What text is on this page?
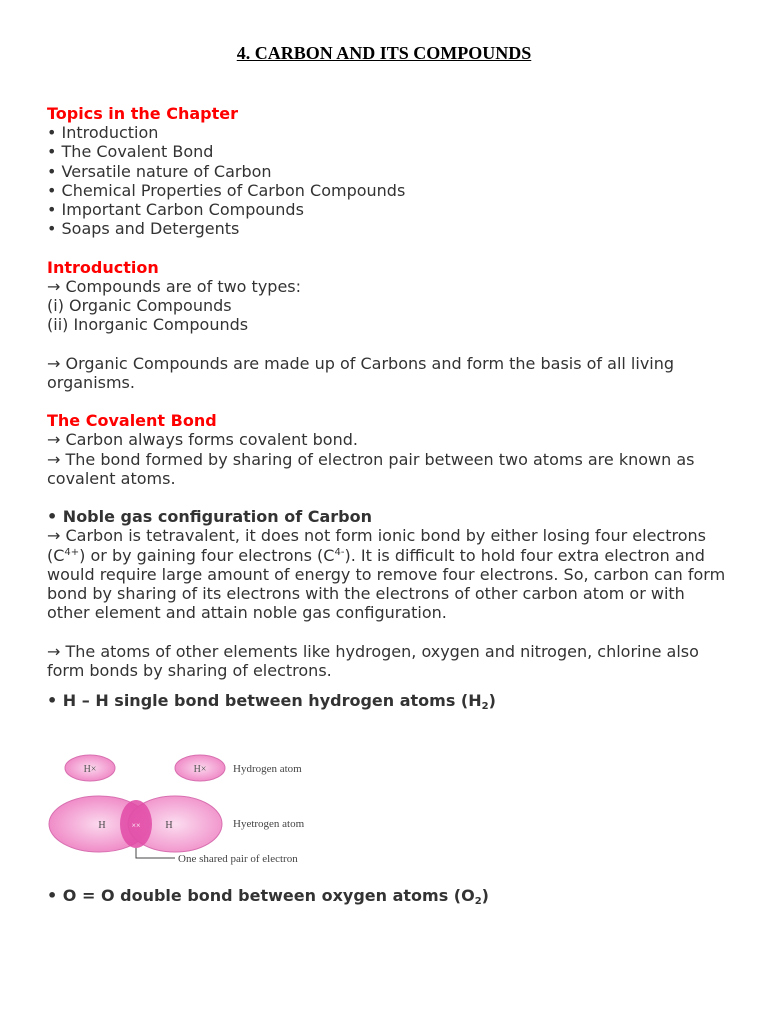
4. CARBON AND ITS COMPOUNDS
Topics in the Chapter
• Introduction
• The Covalent Bond
• Versatile nature of Carbon
• Chemical Properties of Carbon Compounds
• Important Carbon Compounds
• Soaps and Detergents
Introduction
→ Compounds are of two types:
(i) Organic Compounds
(ii) Inorganic Compounds
→ Organic Compounds are made up of Carbons and form the basis of all living organisms.
The Covalent Bond
→ Carbon always forms covalent bond.
→ The bond formed by sharing of electron pair between two atoms are known as covalent atoms.
• Noble gas configuration of Carbon
→ Carbon is tetravalent, it does not form ionic bond by either losing four electrons $(C^{4+})$ or by gaining four electrons $(C^{4-})$. It is difficult to hold four extra electron and would require large amount of energy to remove four electrons. So, carbon can form bond by sharing of its electrons with the electrons of other carbon atom or with other element and attain noble gas configuration.
→ The atoms of other elements like hydrogen, oxygen and nitrogen, chlorine also form bonds by sharing of electrons.
• H – H single bond between hydrogen atoms $(H_2)$
H×	H× Hydrogen atom
H	H
××	Hyetrogen atom
One shared pair of electron
• O = O double bond between oxygen atoms $(O_2)$
